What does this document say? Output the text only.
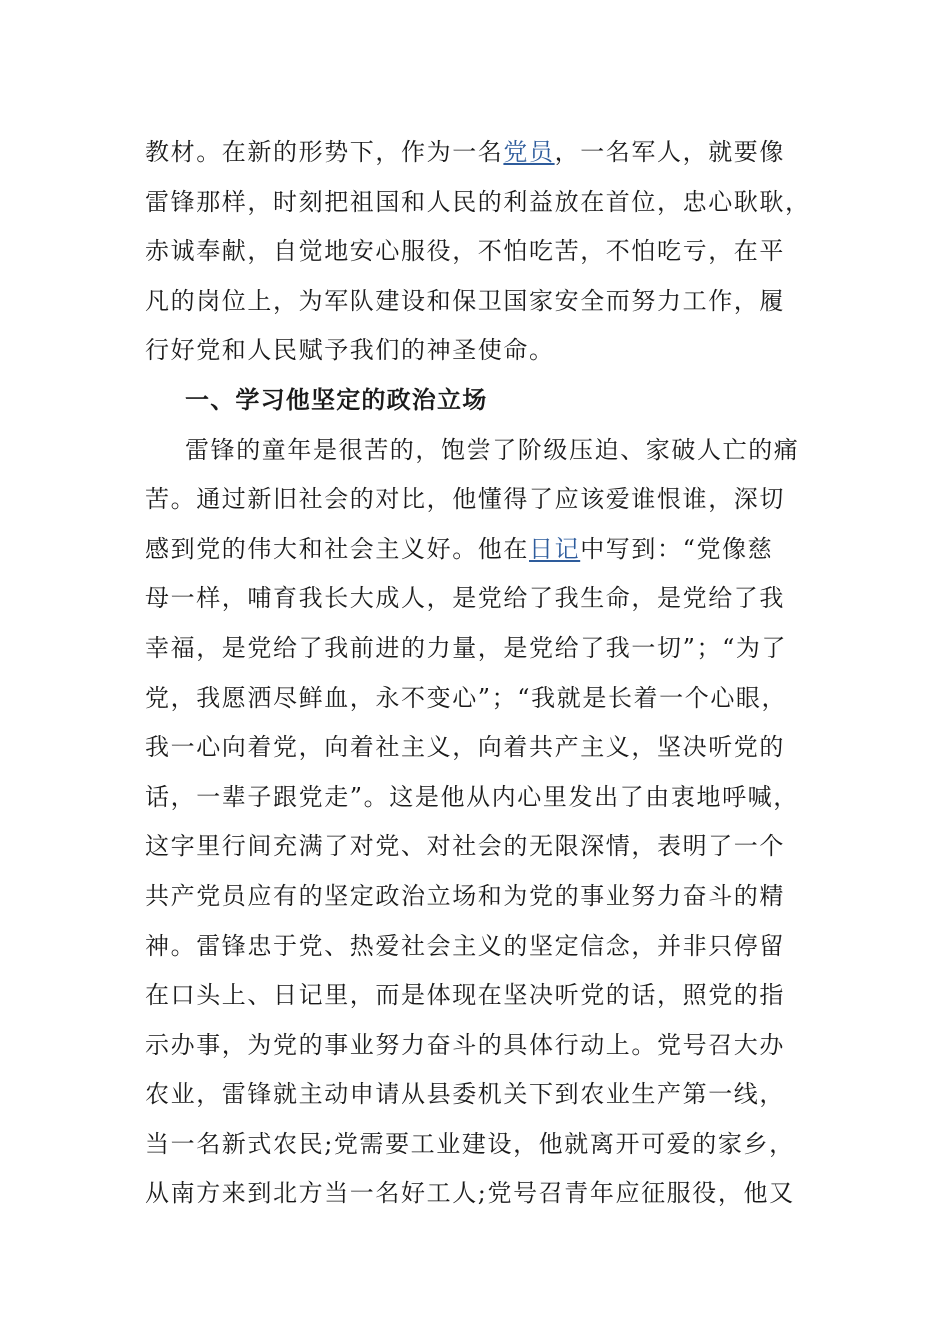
教材。在新的形势下，作为一名党员，一名军人，就要像
雷锋那样，时刻把祖国和人民的利益放在首位，忠心耿耿，
赤诚奉献，自觉地安心服役，不怕吃苦，不怕吃亏，在平
凡的岗位上，为军队建设和保卫国家安全而努力工作，履
行好党和人民赋予我们的神圣使命。
一、学习他坚定的政治立场
雷锋的童年是很苦的，饱尝了阶级压迫、家破人亡的痛
苦。通过新旧社会的对比，他懂得了应该爱谁恨谁，深切
感到党的伟大和社会主义好。他在日记中写到：“党像慈
母一样，哺育我长大成人，是党给了我生命，是党给了我
幸福，是党给了我前进的力量，是党给了我一切”；“为了
党，我愿洒尽鲜血，永不变心”；“我就是长着一个心眼，
我一心向着党，向着社主义，向着共产主义，坚决听党的
话，一辈子跟党走”。这是他从内心里发出了由衷地呼喊，
这字里行间充满了对党、对社会的无限深情，表明了一个
共产党员应有的坚定政治立场和为党的事业努力奋斗的精
神。雷锋忠于党、热爱社会主义的坚定信念，并非只停留
在口头上、日记里，而是体现在坚决听党的话，照党的指
示办事，为党的事业努力奋斗的具体行动上。党号召大办
农业，雷锋就主动申请从县委机关下到农业生产第一线，
当一名新式农民;党需要工业建设，他就离开可爱的家乡，
从南方来到北方当一名好工人;党号召青年应征服役，他又
